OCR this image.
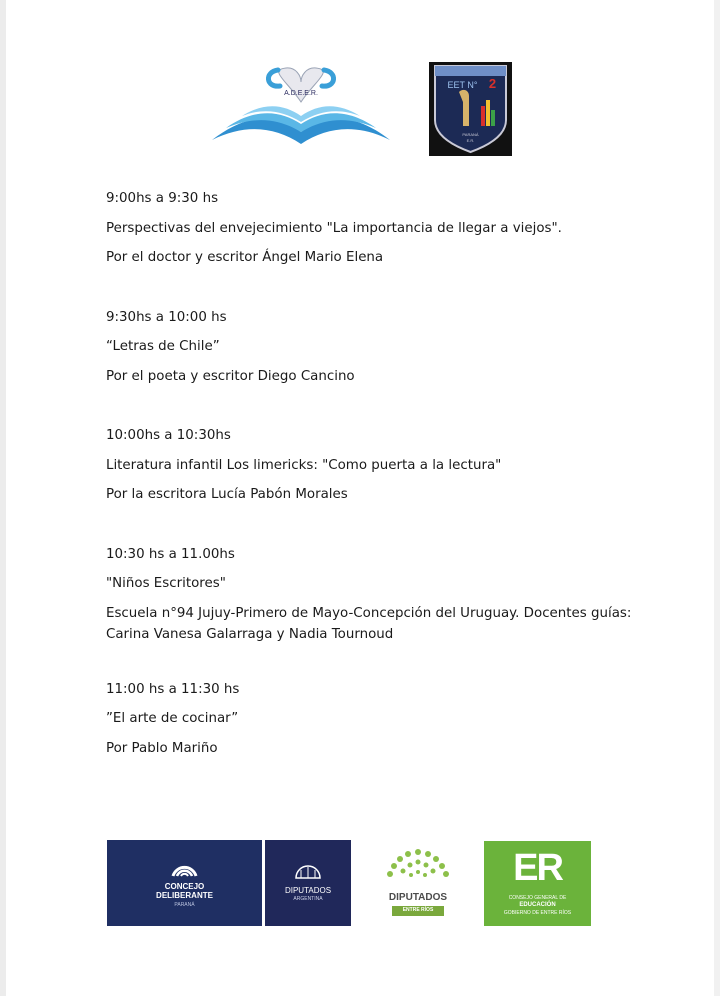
A.D.E.E.R.
EET N° 2
PARANÁ
E.R.
9:00hs a 9:30 hs
Perspectivas del envejecimiento "La importancia de llegar a viejos".
Por el doctor y escritor Ángel Mario Elena
9:30hs a 10:00 hs
“Letras de Chile”
Por el poeta y escritor Diego Cancino
10:00hs a 10:30hs
Literatura infantil Los limericks: "Como puerta a la lectura"
Por la escritora Lucía Pabón Morales
10:30 hs a 11.00hs
"Niños Escritores"
Escuela n°94 Jujuy-Primero de Mayo-Concepción del Uruguay. Docentes guías: Carina Vanesa Galarraga y Nadia Tournoud
11:00 hs a 11:30 hs
”El arte de cocinar”
Por Pablo Mariño
CONCEJO
DELIBERANTE
PARANÁ
DIPUTADOS
ARGENTINA	DIPUTADOS
ENTRE RÍOS
ER
CONSEJO GENERAL DE
EDUCACIÓN
GOBIERNO DE ENTRE RÍOS
